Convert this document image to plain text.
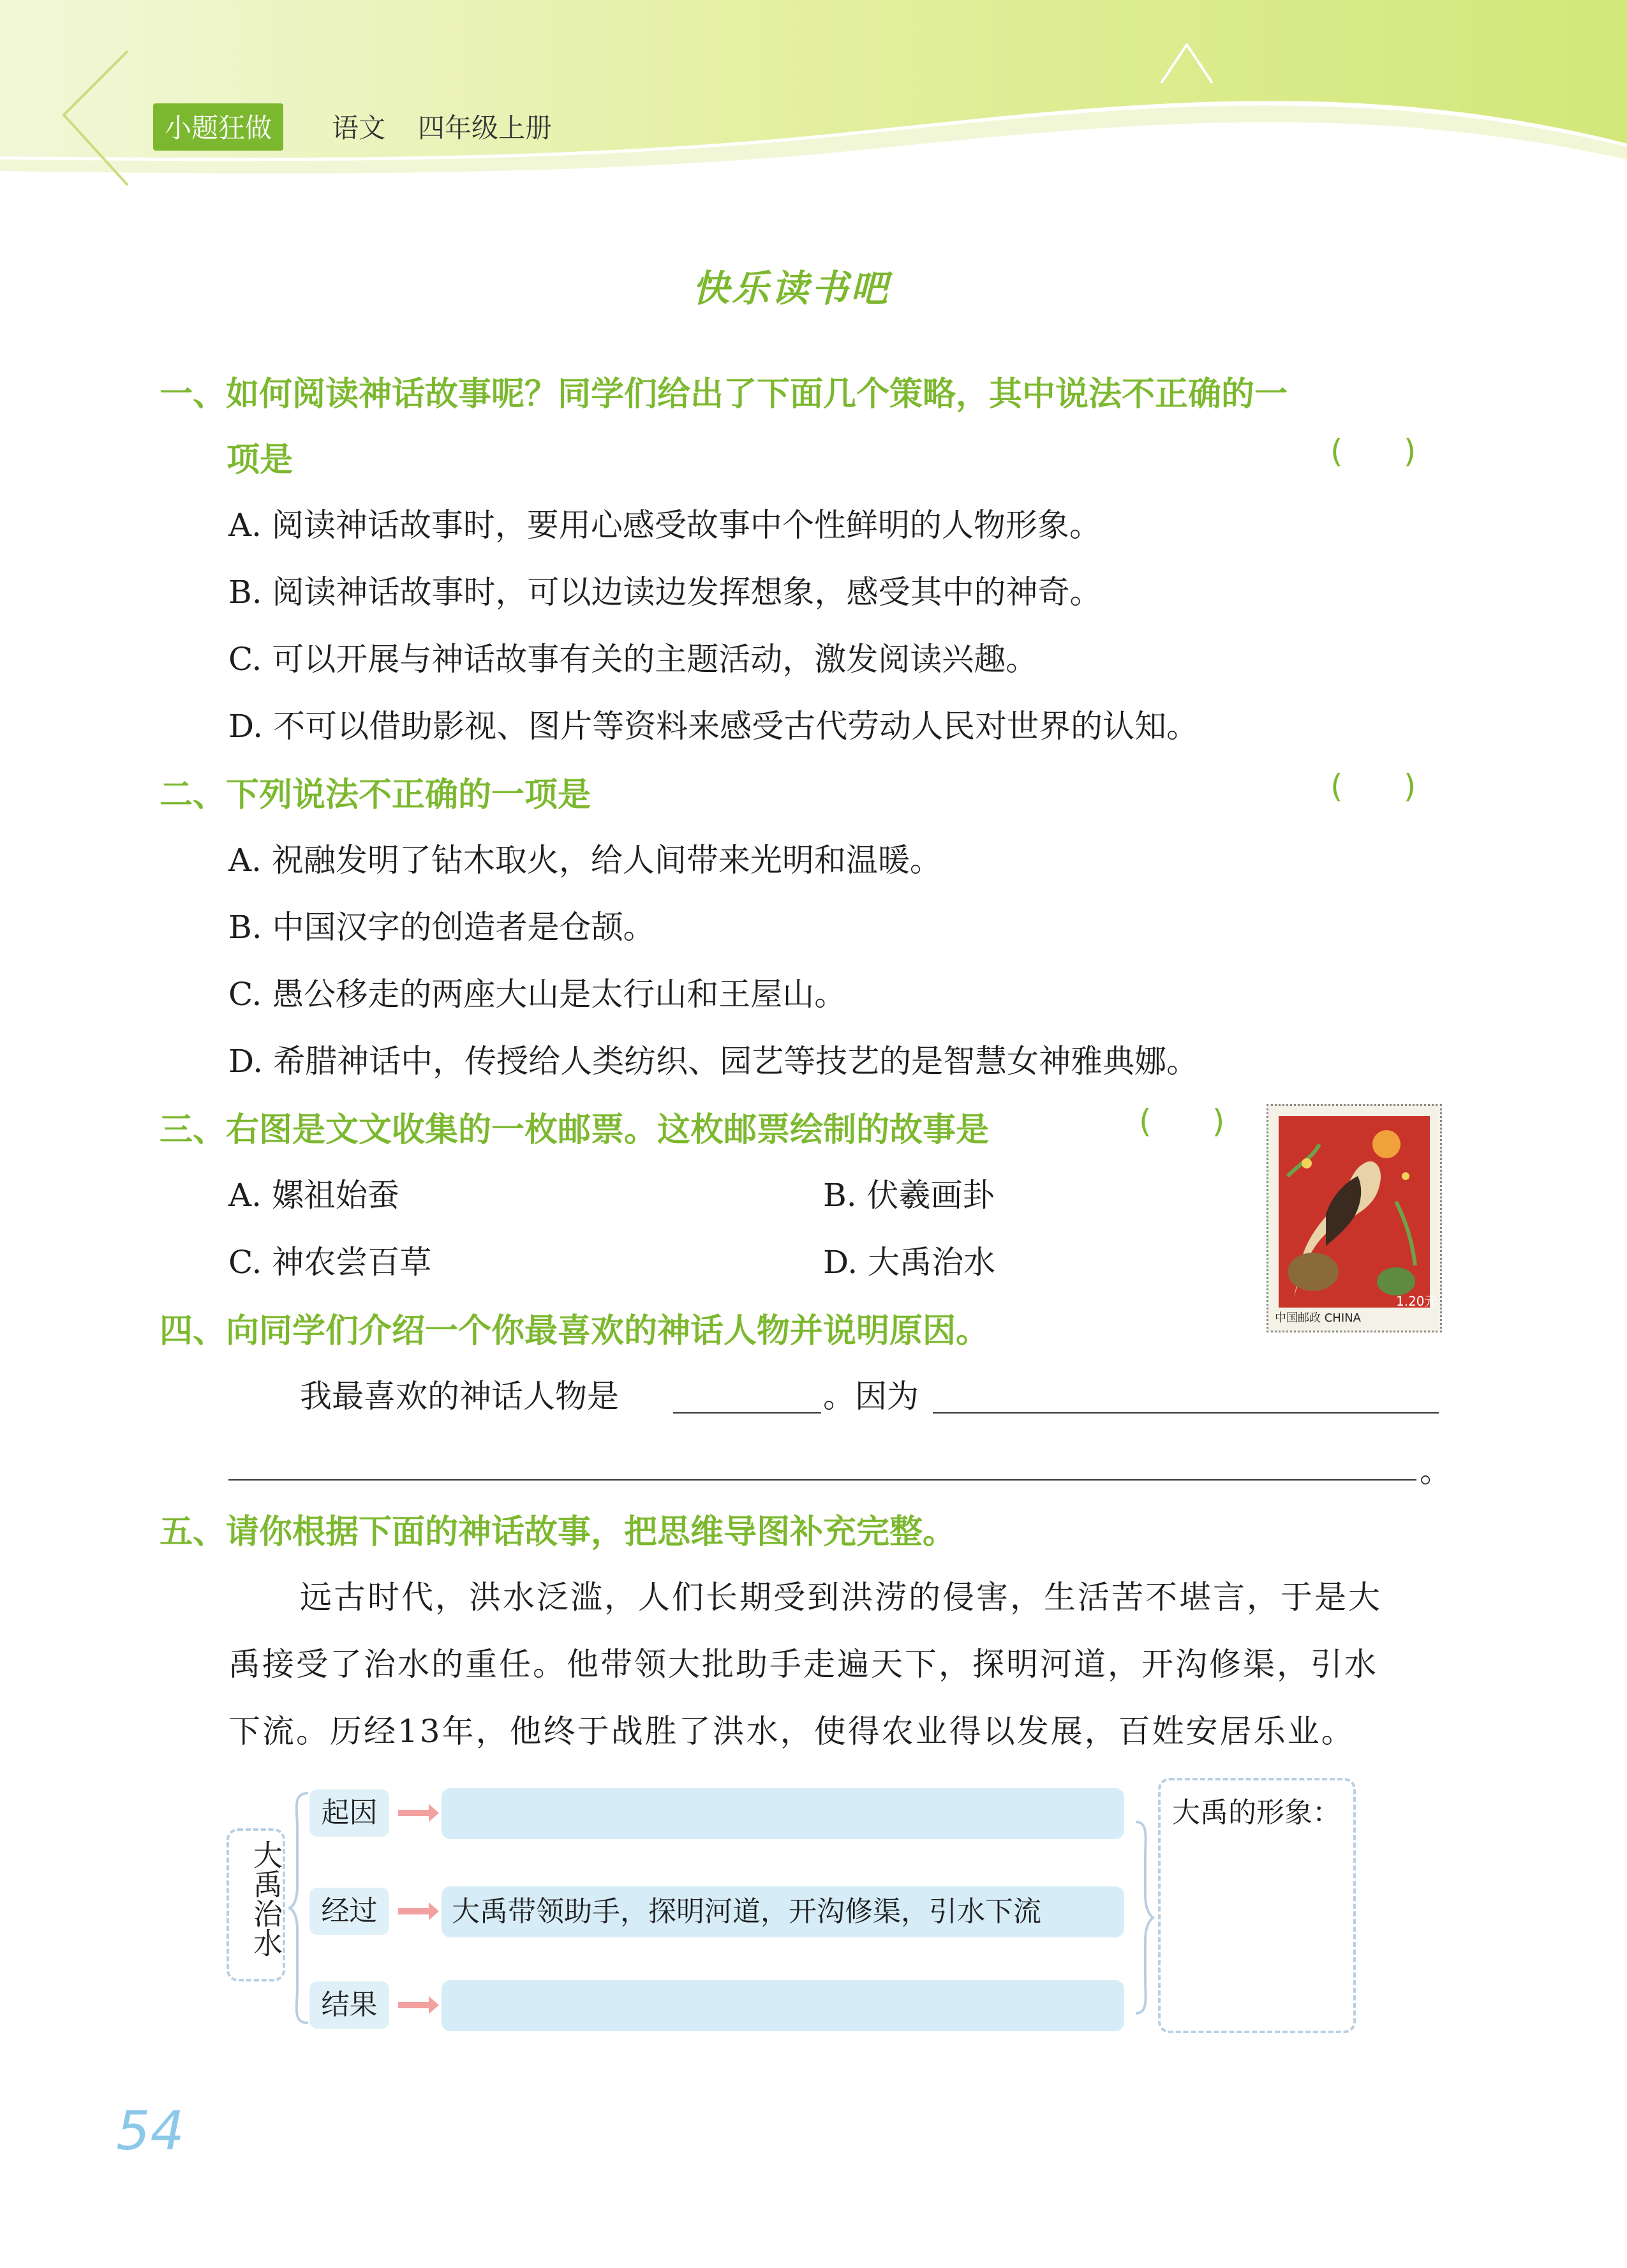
小题狂做	语文 四年级上册
快乐读书吧
一、如何阅读神话故事呢？同学们给出了下面几个策略，其中说法不正确的一
项是	(      )
A. 阅读神话故事时，要用心感受故事中个性鲜明的人物形象。
B. 阅读神话故事时，可以边读边发挥想象，感受其中的神奇。
C. 可以开展与神话故事有关的主题活动，激发阅读兴趣。
D. 不可以借助影视、图片等资料来感受古代劳动人民对世界的认知。
二、下列说法不正确的一项是	(      )
A. 祝融发明了钻木取火，给人间带来光明和温暖。
B. 中国汉字的创造者是仓颉。
C. 愚公移走的两座大山是太行山和王屋山。
D. 希腊神话中，传授给人类纺织、园艺等技艺的是智慧女神雅典娜。
三、右图是文文收集的一枚邮票。这枚邮票绘制的故事是	(      )
A. 嫘祖始蚕	B. 伏羲画卦
C. 神农尝百草	D. 大禹治水
中国邮政 CHINA
1.20元
四、向同学们介绍一个你最喜欢的神话人物并说明原因。
我最喜欢的神话人物是	。因为
。
五、请你根据下面的神话故事，把思维导图补充完整。
远古时代，洪水泛滥，人们长期受到洪涝的侵害，生活苦不堪言，于是大
禹接受了治水的重任。他带领大批助手走遍天下，探明河道，开沟修渠，引水
下流。历经13年，他终于战胜了洪水，使得农业得以发展，百姓安居乐业。
大禹治水
起因
经过	大禹带领助手，探明河道，开沟修渠，引水下流
结果
大禹的形象：
54
